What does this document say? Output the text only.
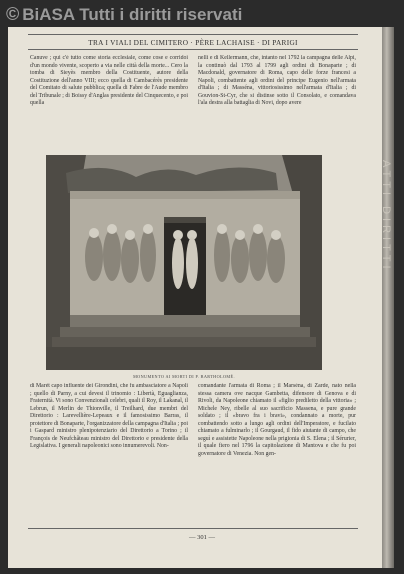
© BiASA Tutti i diritti riservati
ATTI DIRITTI
TRA I VIALI DEL CIMITERO · PÈRE LACHAISE · DI PARIGI

Canuve ; qui c'è tutto come storia ecclesiale, come cose e corridoi d'un mondo vivente, scoperto a via nelle città della morte... Cero la tomba di Sieyès membro della Costituente, autore della Costituzione dell'anno VIII; ecco quella di Cambacérès presidente del Comitato di salute pubblica; quella di Fabre de l'Aude membro del Tribunale ; di Boissy d'Anglas presidente del Cinquecento, e poi quella

nelli e di Kellermann, che, intanto nel 1792 la campagna delle Alpi, la continuò dal 1793 al 1799 agli ordini di Bonaparte ; di Macdonald, governatore di Roma, capo delle forze francesi a Napoli, combattente agli ordini del principe Eugenio nell'armata d'Italia ; di Masséna, vittoriosissimo nell'armata d'Italia ; di Gouvion-St-Cyr, che si distinse sotto il Consolato, e comandava l'ala destra alla battaglia di Novi, dopo avere

MONUMENTO AI MORTI DI P. BARTHOLOMÉ.

di Marèt capo influente dei Girondini, che fu ambasciatore a Napoli ; quello di Parny, a cui devesi il trinomio : Libertà, Eguaglianza, Fraternità. Vi sono Convenzionali celebri, quali il Roy, il Lakanal, il Lebrun, il Merlin de Thionville, il Treilhard, due membri del Direttorio : Larevellière-Lepeaux e il famosissimo Barras, il protettore di Bonaparte, l'organizzatore della campagna d'Italia ; poi i Gaspard ministro plenipotenziario del Direttorio a Torino ; il François de Neufchâteau ministro del Direttorio e presidente della Legislativa. I generali napoleonici sono innumerevoli. Non-

comandante l'armata di Roma ; il Marsèna, di Zarde, nato nella stessa camera ove nacque Gambetta, difensore di Genova e di Rivoli, da Napoleone chiamato il «figlio prediletto della vittoria» ; Michele Ney, ribelle al suo sacrificio Massena, e pure grande soldato ; il «bravo fra i bravi», condannato a morte, pur combattendo sotto a lungo agli ordini dell'Imperatore, e fucilato chiamato a fulminarlo ; il Gourgaud, il fido aiutante di campo, che seguì e assistette Napoleone nella prigionia di S. Elena ; il Sérurier, il quale fiero nel 1796 la capitolazione di Mantova e che fu poi governatore di Venezia. Non gen-

— 301 —
